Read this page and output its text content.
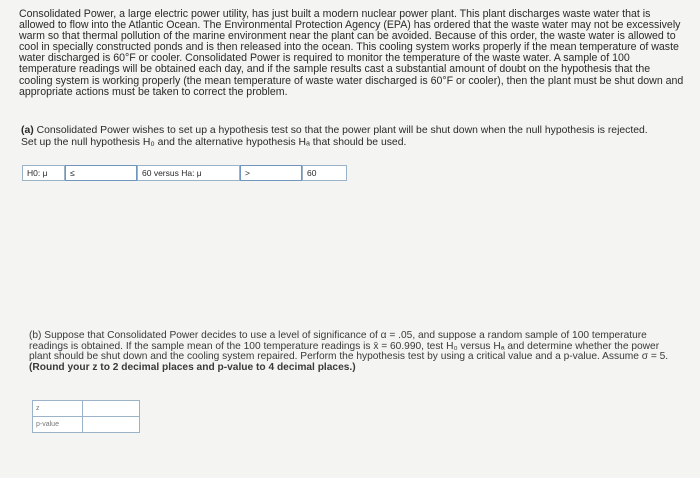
Consolidated Power, a large electric power utility, has just built a modern nuclear power plant. This plant discharges waste water that is allowed to flow into the Atlantic Ocean. The Environmental Protection Agency (EPA) has ordered that the waste water may not be excessively warm so that thermal pollution of the marine environment near the plant can be avoided. Because of this order, the waste water is allowed to cool in specially constructed ponds and is then released into the ocean. This cooling system works properly if the mean temperature of waste water discharged is 60°F or cooler. Consolidated Power is required to monitor the temperature of the waste water. A sample of 100 temperature readings will be obtained each day, and if the sample results cast a substantial amount of doubt on the hypothesis that the cooling system is working properly (the mean temperature of waste water discharged is 60°F or cooler), then the plant must be shut down and appropriate actions must be taken to correct the problem.

(a) Consolidated Power wishes to set up a hypothesis test so that the power plant will be shut down when the null hypothesis is rejected. Set up the null hypothesis H₀ and the alternative hypothesis Hₐ that should be used.

H0: μ	≤	60 versus Ha: μ	>	60

(b) Suppose that Consolidated Power decides to use a level of significance of α = .05, and suppose a random sample of 100 temperature readings is obtained. If the sample mean of the 100 temperature readings is x̄ = 60.990, test H₀ versus Hₐ and determine whether the power plant should be shut down and the cooling system repaired. Perform the hypothesis test by using a critical value and a p-value. Assume σ = 5. (Round your z to 2 decimal places and p-value to 4 decimal places.)

z	
p-value	
